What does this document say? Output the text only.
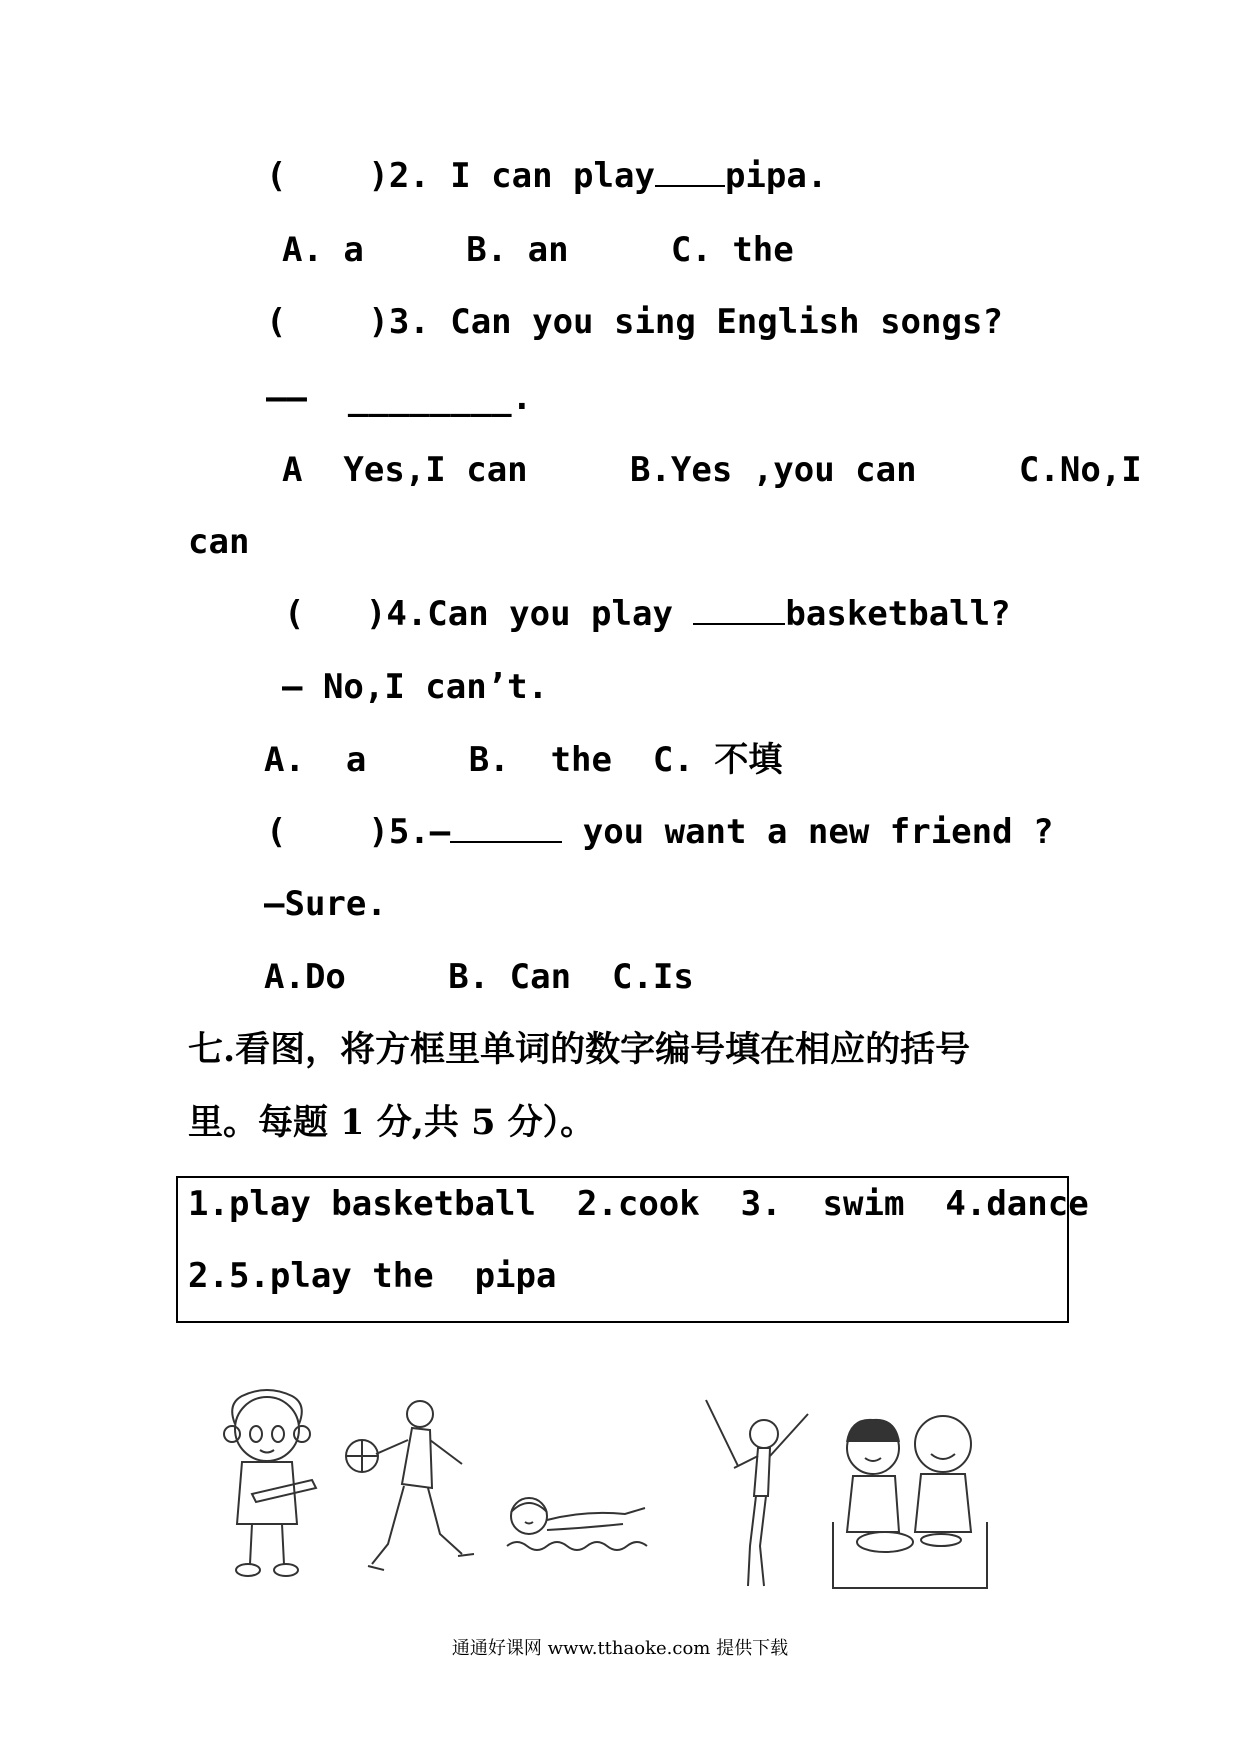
(    )2. I can play pipa.
A. a     B. an     C. the
(    )3. Can you sing English songs?
——  ________.
A  Yes,I can     B.Yes ,you can     C.No,I
can
(   )4.Can you play	basketball?
— No,I can’t.
A.  a     B.  the  C. 不填
(    )5.—	you want a new friend ?
—Sure.
A.Do     B. Can  C.Is
七.看图，将方框里单词的数字编号填在相应的括号
里。每题 1 分,共 5 分）。
1.play basketball  2.cook  3.  swim  4.dance
2.5.play the  pipa
通通好课网 www.tthaoke.com 提供下载
